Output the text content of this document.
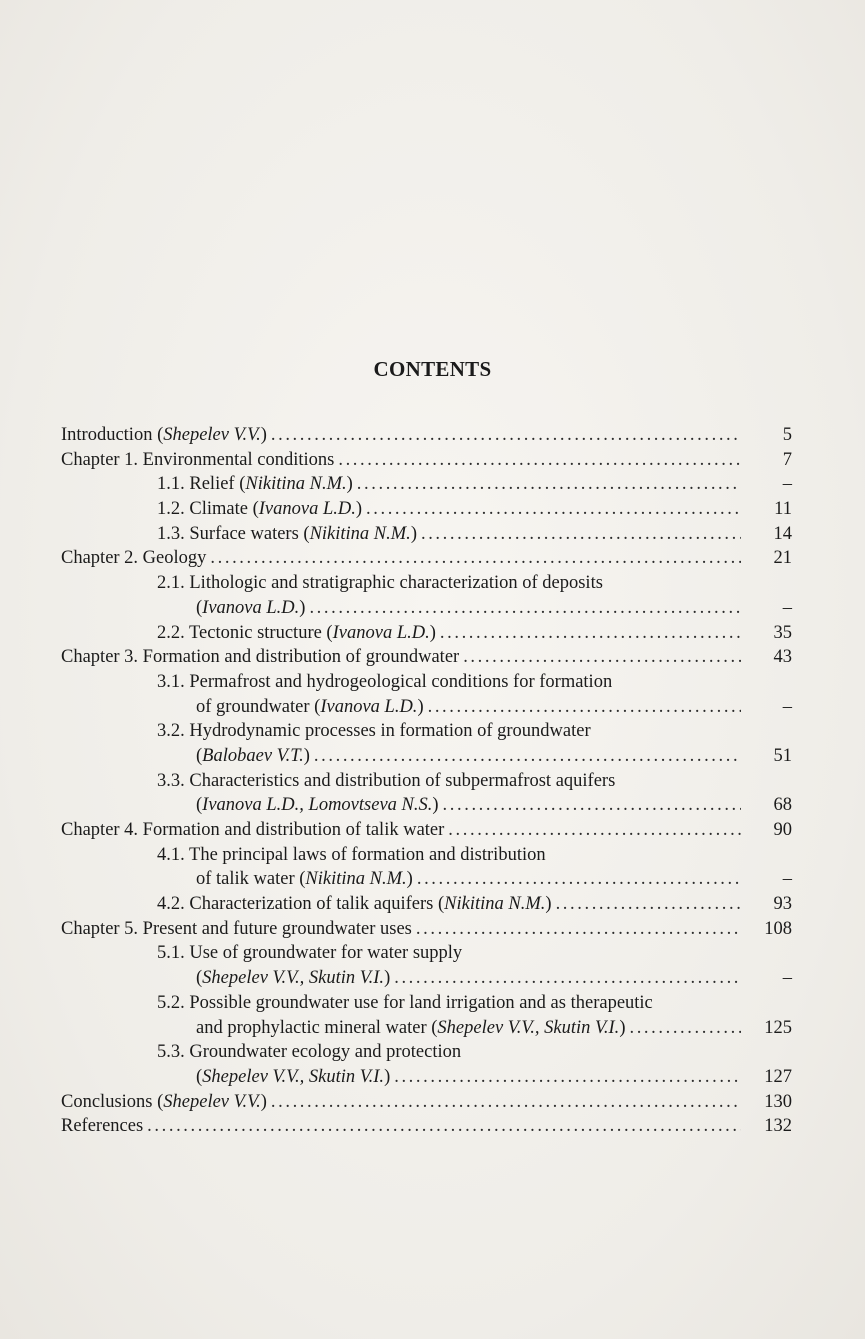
CONTENTS
Introduction (Shepelev V.V.) .....	5
Chapter 1. Environmental conditions .....	7
1.1. Relief (Nikitina N.M.) .....	–
1.2. Climate (Ivanova L.D.) .....	11
1.3. Surface waters (Nikitina N.M.) .....	14
Chapter 2. Geology .....	21
2.1. Lithologic and stratigraphic characterization of deposits
(Ivanova L.D.) .....	–
2.2. Tectonic structure (Ivanova L.D.) .....	35
Chapter 3. Formation and distribution of groundwater .....	43
3.1. Permafrost and hydrogeological conditions for formation
of groundwater (Ivanova L.D.) .....	–
3.2. Hydrodynamic processes in formation of groundwater
(Balobaev V.T.) .....	51
3.3. Characteristics and distribution of subpermafrost aquifers
(Ivanova L.D., Lomovtseva N.S.) .....	68
Chapter 4. Formation and distribution of talik water .....	90
4.1. The principal laws of formation and distribution
of talik water (Nikitina N.M.) .....	–
4.2. Characterization of talik aquifers (Nikitina N.M.) .....	93
Chapter 5. Present and future groundwater uses .....	108
5.1. Use of groundwater for water supply
(Shepelev V.V., Skutin V.I.) .....	–
5.2. Possible groundwater use for land irrigation and as therapeutic
and prophylactic mineral water (Shepelev V.V., Skutin V.I.) .....	125
5.3. Groundwater ecology and protection
(Shepelev V.V., Skutin V.I.) .....	127
Conclusions (Shepelev V.V.) .....	130
References .....	132
